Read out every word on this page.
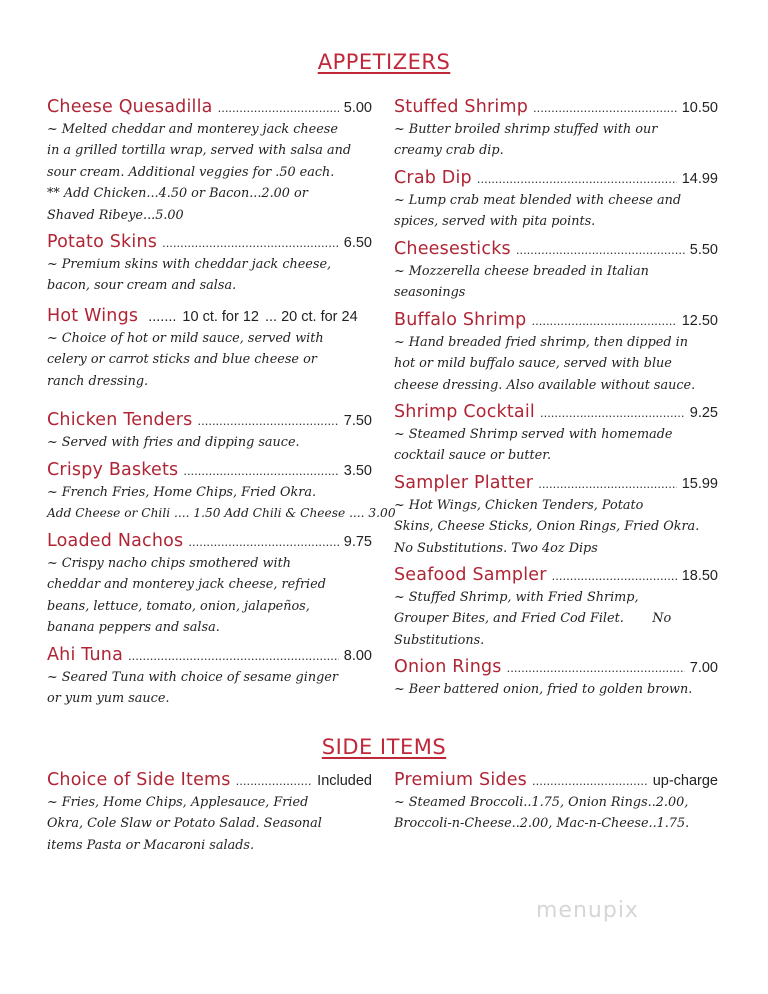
APPETIZERS
Cheese Quesadilla .....	5.00

~ Melted cheddar and monterey jack cheese

in a grilled tortilla wrap, served with salsa and

sour cream. Additional veggies for .50 each.

** Add Chicken...4.50 or Bacon...2.00 or

Shaved Ribeye...5.00

Potato Skins .....	6.50

~ Premium skins with cheddar jack cheese,

bacon, sour cream and salsa.

Hot Wings ....... 10 ct. for 12 ... 20 ct. for 24

~ Choice of hot or mild sauce, served with

celery or carrot sticks and blue cheese or

ranch dressing.

Chicken Tenders .....	7.50

~ Served with fries and dipping sauce.

Crispy Baskets .....	3.50

~ French Fries, Home Chips, Fried Okra.

Add Cheese or Chili .... 1.50 Add Chili & Cheese .... 3.00

Loaded Nachos .....	9.75

~ Crispy nacho chips smothered with

cheddar and monterey jack cheese, refried

beans, lettuce, tomato, onion, jalapeños,

banana peppers and salsa.

Ahi Tuna .....	8.00

~ Seared Tuna with choice of sesame ginger

or yum yum sauce.

Stuffed Shrimp .....	10.50

~ Butter broiled shrimp stuffed with our

creamy crab dip.

Crab Dip .....	14.99

~ Lump crab meat blended with cheese and

spices, served with pita points.

Cheesesticks .....	5.50

~ Mozzerella cheese breaded in Italian

seasonings

Buffalo Shrimp .....	12.50

~ Hand breaded fried shrimp, then dipped in

hot or mild buffalo sauce, served with blue

cheese dressing. Also available without sauce.

Shrimp Cocktail .....	9.25

~ Steamed Shrimp served with homemade

cocktail sauce or butter.

Sampler Platter .....	15.99

~ Hot Wings, Chicken Tenders, Potato

Skins, Cheese Sticks, Onion Rings, Fried Okra.

No Substitutions. Two 4oz Dips

Seafood Sampler .....	18.50

~ Stuffed Shrimp, with Fried Shrimp,

Grouper Bites, and Fried Cod Filet.       No

Substitutions.

Onion Rings .....	7.00

~ Beer battered onion, fried to golden brown.

SIDE ITEMS
Choice of Side Items .....	Included

~ Fries, Home Chips, Applesauce, Fried

Okra, Cole Slaw or Potato Salad. Seasonal

items Pasta or Macaroni salads.

Premium Sides .....	up-charge

~ Steamed Broccoli..1.75, Onion Rings..2.00,

Broccoli-n-Cheese..2.00, Mac-n-Cheese..1.75.

menupix
